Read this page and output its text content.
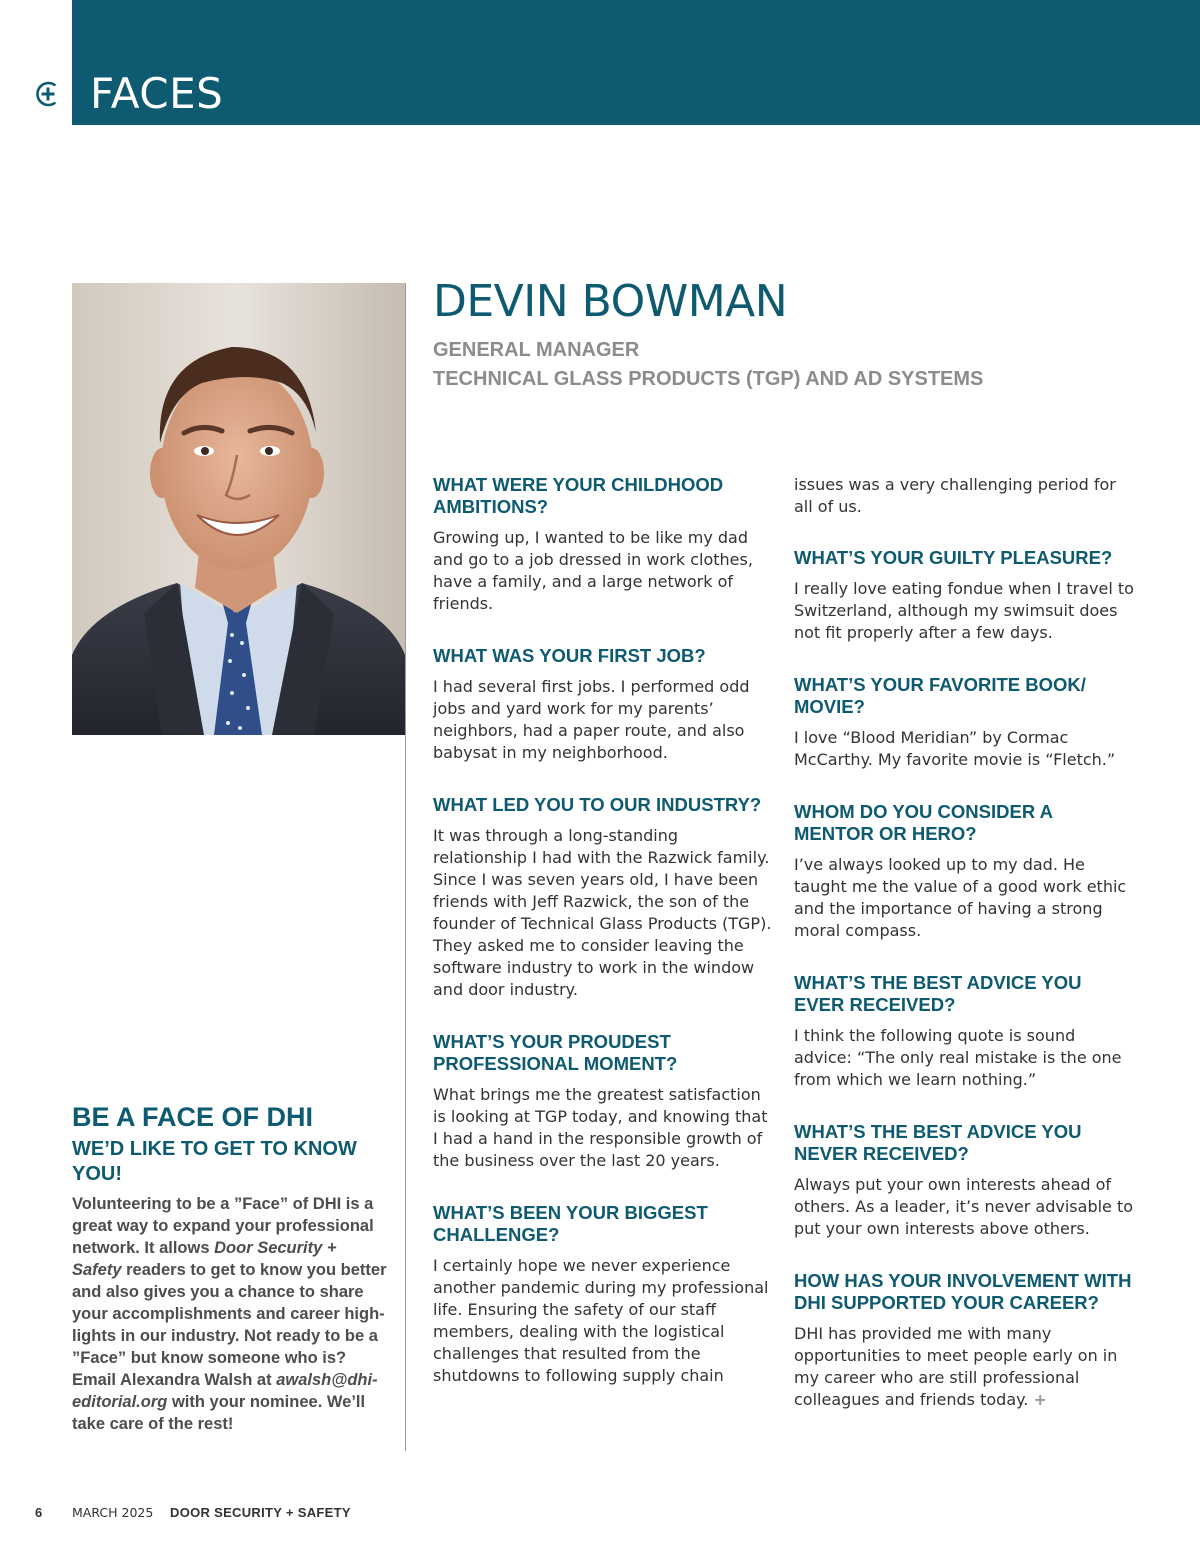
FACES
DEVIN BOWMAN
GENERAL MANAGER
TECHNICAL GLASS PRODUCTS (TGP) AND AD SYSTEMS
WHAT WERE YOUR CHILDHOOD AMBITIONS?
Growing up, I wanted to be like my dad and go to a job dressed in work clothes, have a family, and a large network of friends.
WHAT WAS YOUR FIRST JOB?
I had several first jobs. I performed odd jobs and yard work for my parents’ neighbors, had a paper route, and also babysat in my neighborhood.
WHAT LED YOU TO OUR INDUSTRY?
It was through a long-standing relationship I had with the Razwick family. Since I was seven years old, I have been friends with Jeff Razwick, the son of the founder of Technical Glass Products (TGP). They asked me to consider leaving the software industry to work in the window and door industry.
WHAT’S YOUR PROUDEST PROFESSIONAL MOMENT?
What brings me the greatest satisfaction is looking at TGP today, and knowing that I had a hand in the responsible growth of the business over the last 20 years.
WHAT’S BEEN YOUR BIGGEST CHALLENGE?
I certainly hope we never experience another pandemic during my professional life. Ensuring the safety of our staff members, dealing with the logistical challenges that resulted from the shutdowns to following supply chain
issues was a very challenging period for all of us.
WHAT’S YOUR GUILTY PLEASURE?
I really love eating fondue when I travel to Switzerland, although my swimsuit does not fit properly after a few days.
WHAT’S YOUR FAVORITE BOOK/ MOVIE?
I love “Blood Meridian” by Cormac McCarthy. My favorite movie is “Fletch.”
WHOM DO YOU CONSIDER A MENTOR OR HERO?
I’ve always looked up to my dad. He taught me the value of a good work ethic and the importance of having a strong moral compass.
WHAT’S THE BEST ADVICE YOU EVER RECEIVED?
I think the following quote is sound advice: “The only real mistake is the one from which we learn nothing.”
WHAT’S THE BEST ADVICE YOU NEVER RECEIVED?
Always put your own interests ahead of others. As a leader, it’s never advisable to put your own interests above others.
HOW HAS YOUR INVOLVEMENT WITH DHI SUPPORTED YOUR CAREER?
DHI has provided me with many opportunities to meet people early on in my career who are still professional colleagues and friends today. +
BE A FACE OF DHI
WE’D LIKE TO GET TO KNOW YOU!
Volunteering to be a ”Face” of DHI is a great way to expand your professional network. It allows Door Security + Safety readers to get to know you better and also gives you a chance to share your accomplishments and career high-lights in our industry. Not ready to be a ”Face” but know someone who is? Email Alexandra Walsh at awalsh@dhi-editorial.org with your nominee. We’ll take care of the rest!
6 MARCH 2025 DOOR SECURITY + SAFETY
